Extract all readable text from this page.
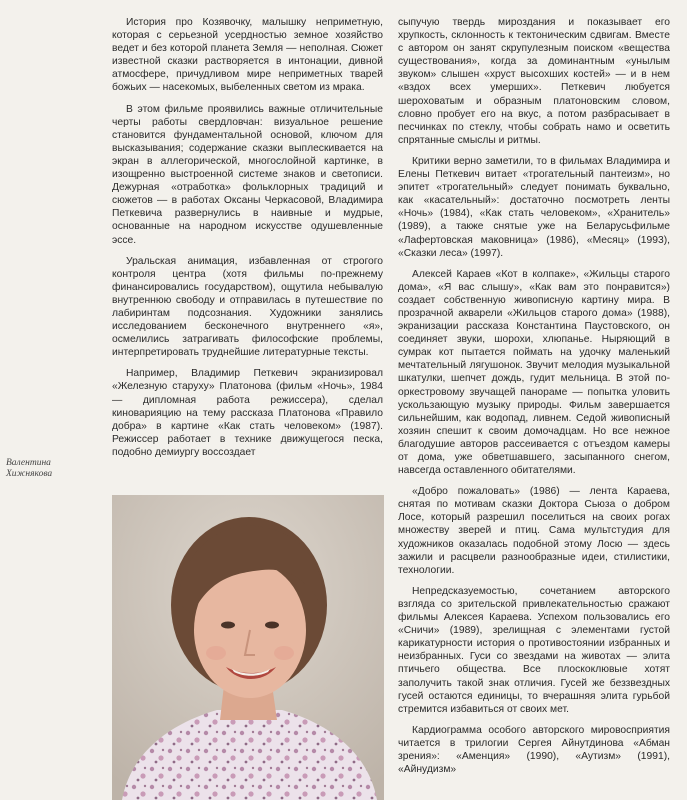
История про Козявочку, малышку неприметную, которая с серьезной усердностью земное хозяйство ведет и без которой планета Земля — неполная. Сюжет известной сказки растворяется в интонации, дивной атмосфере, причудливом мире неприметных тварей божьих — насекомых, выбеленных светом из мрака.

В этом фильме проявились важные отличительные черты работы свердловчан: визуальное решение становится фундаментальной основой, ключом для высказывания; содержание сказки выплескивается на экран в аллегорической, многослойной картинке, в изощренно выстроенной системе знаков и светописи. Дежурная «отработка» фольклорных традиций и сюжетов — в работах Оксаны Черкасовой, Владимира Петкевича развернулись в наивные и мудрые, основанные на народном искусстве одушевленные эссе.

Уральская анимация, избавленная от строгого контроля центра (хотя фильмы по-прежнему финансировались государством), ощутила небывалую внутреннюю свободу и отправилась в путешествие по лабиринтам подсознания. Художники занялись исследованием бесконечного внутреннего «я», осмелились затрагивать философские проблемы, интерпретировать труднейшие литературные тексты.

Например, Владимир Петкевич экранизировал «Железную старуху» Платонова (фильм «Ночь», 1984 — дипломная работа режиссера), сделал киноварияцию на тему рассказа Платонова «Правило добра» в картине «Как стать человеком» (1987). Режиссер работает в технике движущегося песка, подобно демиургу воссоздает

сыпучую твердь мироздания и показывает его хрупкость, склонность к тектоническим сдвигам. Вместе с автором он занят скрупулезным поиском «вещества существования», когда за доминантным «унылым звуком» слышен «хруст высохших костей» — и в нем «вздох всех умерших». Петкевич любуется шероховатым и образным платоновским словом, словно пробует его на вкус, а потом разбрасывает в песчинках по стеклу, чтобы собрать намо и осветить спрятанные смыслы и ритмы.

Критики верно заметили, то в фильмах Владимира и Елены Петкевич витает «трогательный пантеизм», но эпитет «трогательный» следует понимать буквально, как «касательный»: достаточно посмотреть ленты «Ночь» (1984), «Как стать человеком», «Хранитель» (1989), а также снятые уже на Беларусьфильме «Лафертовская маковница» (1986), «Месяц» (1993), «Сказки леса» (1997).

Алексей Караев «Кот в колпаке», «Жильцы старого дома», «Я вас слышу», «Как вам это понравится») создает собственную живописную картину мира. В прозрачной акварели «Жильцов старого дома» (1988), экранизации рассказа Константина Паустовского, он соединяет звуки, шорохи, хлюпанье. Ныряющий в сумрак кот пытается поймать на удочку маленький мечтательный лягушонок. Звучит мелодия музыкальной шкатулки, шепчет дождь, гудит мельница. В этой по-оркестровому звучащей панораме — попытка уловить ускользающую музыку природы. Фильм завершается сильнейшим, как водопад, ливнем. Седой живописный хозяин спешит к своим домочадцам. Но все нежное благодушие авторов рассеивается с отъездом камеры от дома, уже обветшавшего, засыпанного снегом, навсегда оставленного обитателями.

«Добро пожаловать» (1986) — лента Караева, снятая по мотивам сказки Доктора Сьюза о добром Лосе, который разрешил поселиться на своих рогах множеству зверей и птиц. Сама мультстудия для художников оказалась подобной этому Лосю — здесь зажили и расцвели разнообразные идеи, стилистики, технологии.

Непредсказуемостью, сочетанием авторского взгляда со зрительской привлекательностью сражают фильмы Алексея Караева. Успехом пользовались его «Сничи» (1989), зрелищная с элементами густой карикатурности история о противостоянии избранных и неизбранных. Гуси со звездами на животах — элита птичьего общества. Все плоскоклювые хотят заполучить такой знак отличия. Гусей же беззвездных гусей остаются единицы, то вчерашняя элита гурьбой стремится избавиться от своих мет.

Кардиограмма особого авторского мировосприятия читается в трилогии Сергея Айнутдинова «Абман зрения»: «Аменция» (1990), «Аутизм» (1991), «Айнудизм»

Валентина
Хижнякова
